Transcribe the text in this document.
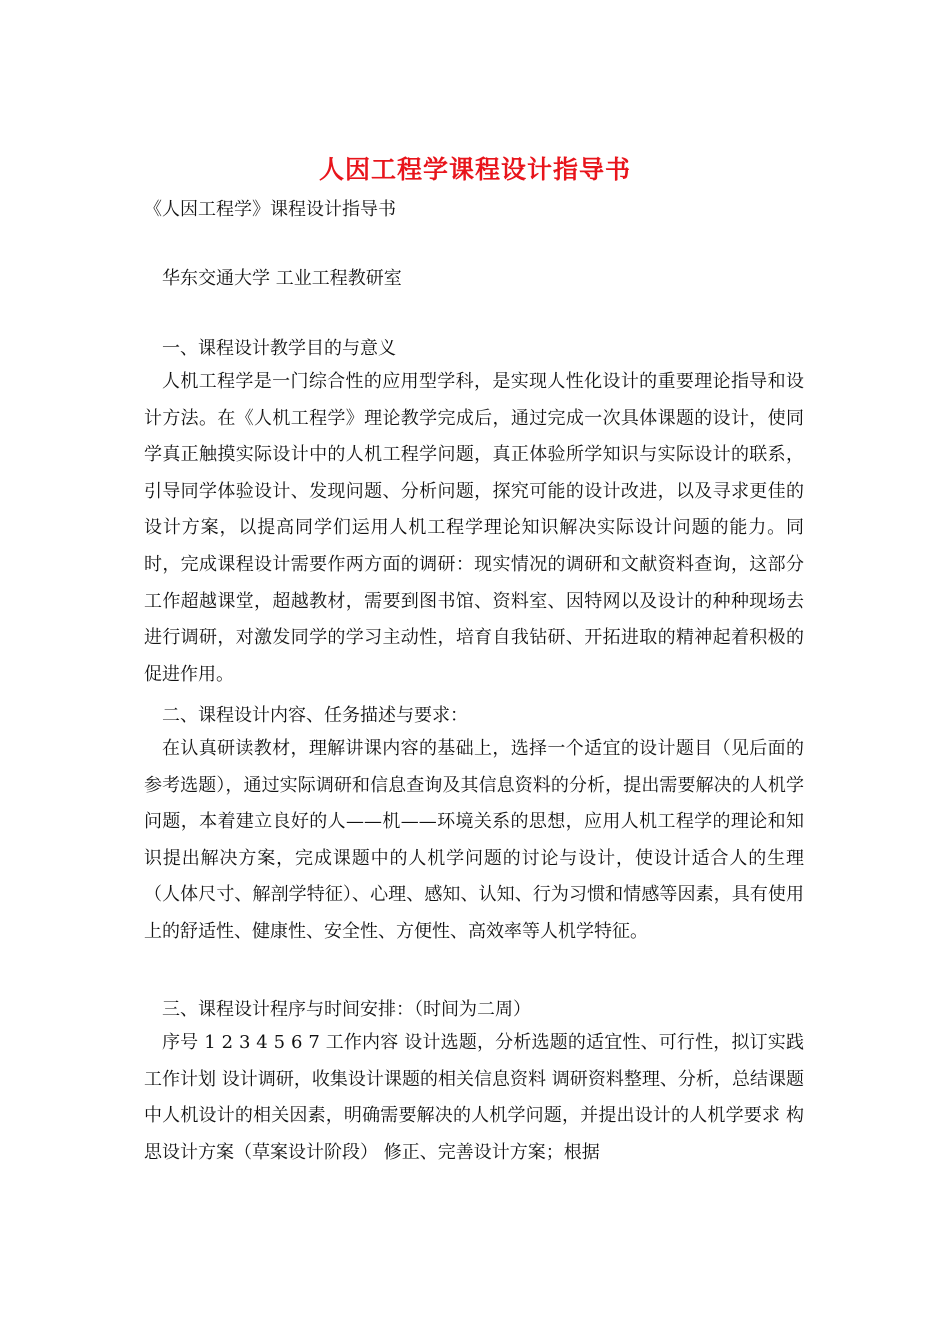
人因工程学课程设计指导书
《人因工程学》课程设计指导书
华东交通大学 工业工程教研室
一、课程设计教学目的与意义

人机工程学是一门综合性的应用型学科，是实现人性化设计的重要理论指导和设计方法。在《人机工程学》理论教学完成后，通过完成一次具体课题的设计，使同学真正触摸实际设计中的人机工程学问题，真正体验所学知识与实际设计的联系，引导同学体验设计、发现问题、分析问题，探究可能的设计改进，以及寻求更佳的设计方案，以提高同学们运用人机工程学理论知识解决实际设计问题的能力。同时，完成课程设计需要作两方面的调研：现实情况的调研和文献资料查询，这部分工作超越课堂，超越教材，需要到图书馆、资料室、因特网以及设计的种种现场去进行调研，对激发同学的学习主动性，培育自我钻研、开拓进取的精神起着积极的促进作用。

二、课程设计内容、任务描述与要求：

在认真研读教材，理解讲课内容的基础上，选择一个适宜的设计题目（见后面的参考选题），通过实际调研和信息查询及其信息资料的分析，提出需要解决的人机学问题，本着建立良好的人——机——环境关系的思想，应用人机工程学的理论和知识提出解决方案，完成课题中的人机学问题的讨论与设计，使设计适合人的生理（人体尺寸、解剖学特征）、心理、感知、认知、行为习惯和情感等因素，具有使用上的舒适性、健康性、安全性、方便性、高效率等人机学特征。

三、课程设计程序与时间安排：（时间为二周）

序号 1 2 3 4 5 6 7 工作内容 设计选题，分析选题的适宜性、可行性，拟订实践工作计划 设计调研，收集设计课题的相关信息资料 调研资料整理、分析，总结课题中人机设计的相关因素，明确需要解决的人机学问题，并提出设计的人机学要求 构思设计方案（草案设计阶段） 修正、完善设计方案；根据
